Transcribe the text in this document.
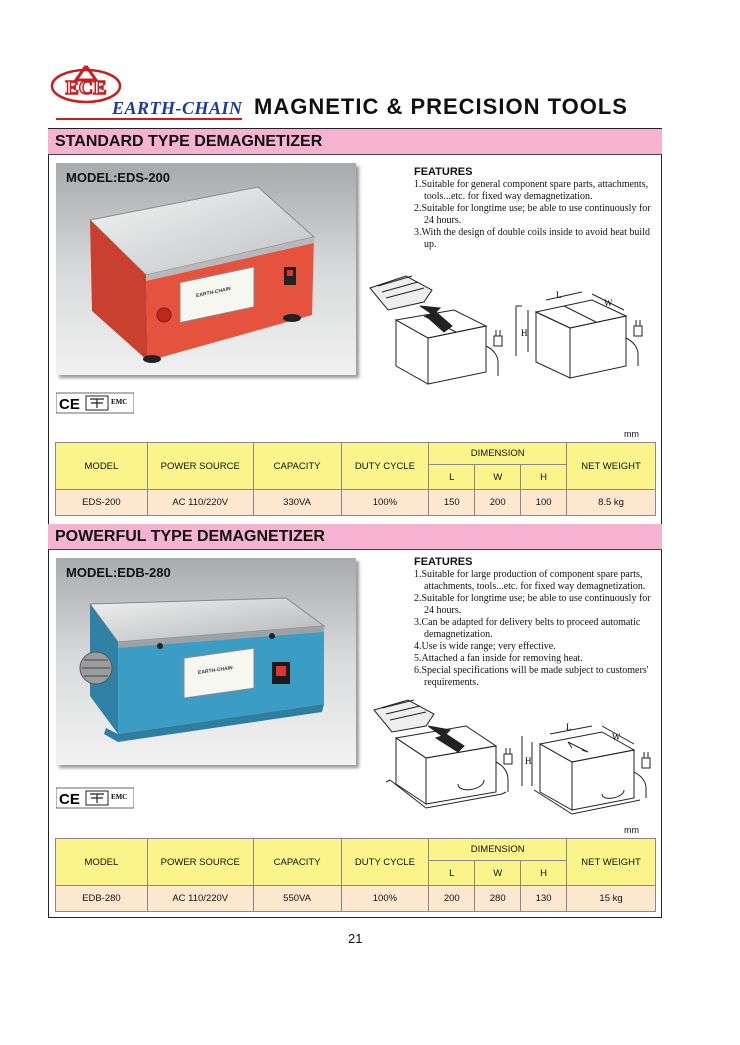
ECE
EARTH-CHAIN MAGNETIC & PRECISION TOOLS
STANDARD TYPE DEMAGNETIZER
EARTH-CHAIN
MODEL:EDS-200	FEATURES
1.Suitable for general component spare parts, attachments, tools...etc. for fixed way demagnetization.
2.Suitable for longtime use; be able to use continuously for 24 hours.
3.With the design of double coils inside to avoid heat build up.
L
W
H
CE	EMC
mm
MODEL	POWER SOURCE	CAPACITY	DUTY CYCLE	DIMENSION			NET WEIGHT
				L	W	H	
EDS-200	AC 110/220V	330VA	100%	150	200	100	8.5 kg
POWERFUL TYPE DEMAGNETIZER
EARTH-CHAIN
MODEL:EDB-280
FEATURES
1.Suitable for large production of component spare parts, attachments, tools...etc. for fixed way demagnetization.
2.Suitable for longtime use; be able to use continuously for 24 hours.
3.Can be adapted for delivery belts to proceed automatic demagnetization.
4.Use is wide range; very effective.
5.Attached a fan inside for removing heat.
6.Special specifications will be made subject to customers' requirements.
L
W
H
CE	EMC
mm
MODEL	POWER SOURCE	CAPACITY	DUTY CYCLE	DIMENSION			NET WEIGHT
				L	W	H	
EDB-280	AC 110/220V	550VA	100%	200	280	130	15 kg
21
